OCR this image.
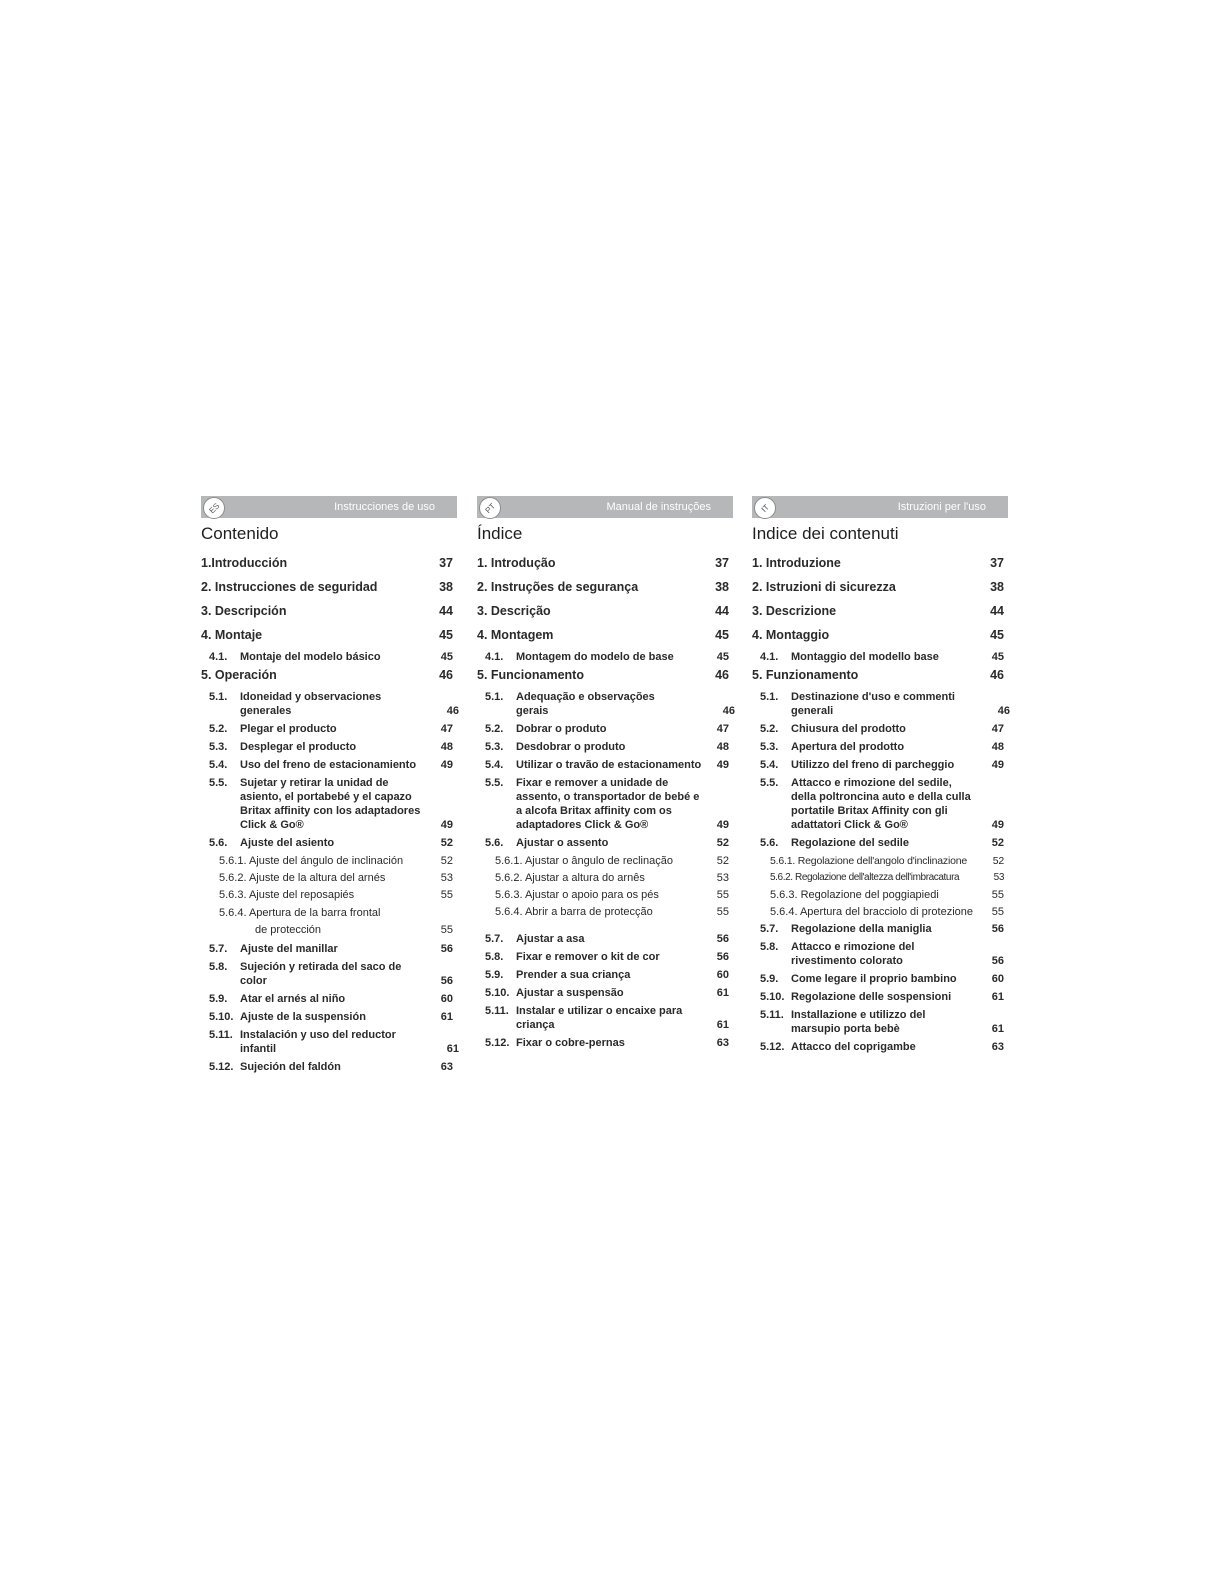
ES	Instrucciones de uso
Contenido
1.Introducción	37
2. Instrucciones de seguridad	38
3. Descripción	44
4. Montaje	45
4.1.	Montaje del modelo básico	45
5. Operación	46
5.1.	Idoneidad y observaciones generales	46
5.2.	Plegar el producto	47
5.3.	Desplegar el producto	48
5.4.	Uso del freno de estacionamiento	49
5.5.	Sujetar y retirar la unidad de asiento, el portabebé y el capazo Britax affinity con los adaptadores Click & Go®	49
5.6.	Ajuste del asiento	52
5.6.1. Ajuste del ángulo de inclinación	52
5.6.2. Ajuste de la altura del arnés	53
5.6.3. Ajuste del reposapiés	55
5.6.4. Apertura de la barra frontal
de protección	55
5.7.	Ajuste del manillar	56
5.8.	Sujeción y retirada del saco de color	56
5.9.	Atar el arnés al niño	60
5.10. Ajuste de la suspensión	61
5.11. Instalación y uso del reductor infantil	61
5.12. Sujeción del faldón	63
PT	Manual de instruções
Índice
1. Introdução	37
2. Instruções de segurança	38
3. Descrição	44
4. Montagem	45
4.1.	Montagem do modelo de base	45
5. Funcionamento	46
5.1.	Adequação e observações gerais	46
5.2.	Dobrar o produto	47
5.3.	Desdobrar o produto	48
5.4.	Utilizar o travão de estacionamento	49
5.5.	Fixar e remover a unidade de assento, o transportador de bebé e a alcofa Britax affinity com os adaptadores Click & Go®	49
5.6.	Ajustar o assento	52
5.6.1. Ajustar o ângulo de reclinação	52
5.6.2. Ajustar a altura do arnês	53
5.6.3. Ajustar o apoio para os pés	55
5.6.4. Abrir a barra de protecção	55
5.7.	Ajustar a asa	56
5.8.	Fixar e remover o kit de cor	56
5.9.	Prender a sua criança	60
5.10. Ajustar a suspensão	61
5.11. Instalar e utilizar o encaixe para criança	61
5.12. Fixar o cobre-pernas	63
IT	Istruzioni per l'uso
Indice dei contenuti
1. Introduzione	37
2. Istruzioni di sicurezza	38
3. Descrizione	44
4. Montaggio	45
4.1.	Montaggio del modello base	45
5. Funzionamento	46
5.1.	Destinazione d'uso e commenti generali	46
5.2.	Chiusura del prodotto	47
5.3.	Apertura del prodotto	48
5.4.	Utilizzo del freno di parcheggio	49
5.5.	Attacco e rimozione del sedile, della poltroncina auto e della culla portatile Britax Affinity con gli adattatori Click & Go®	49
5.6.	Regolazione del sedile	52
5.6.1. Regolazione dell'angolo d'inclinazione	52
5.6.2. Regolazione dell'altezza dell'imbracatura	53
5.6.3. Regolazione del poggiapiedi	55
5.6.4. Apertura del bracciolo di protezione	55
5.7.	Regolazione della maniglia	56
5.8.	Attacco e rimozione del rivestimento colorato	56
5.9.	Come legare il proprio bambino	60
5.10. Regolazione delle sospensioni	61
5.11. Installazione e utilizzo del marsupio porta bebè	61
5.12. Attacco del coprigambe	63
